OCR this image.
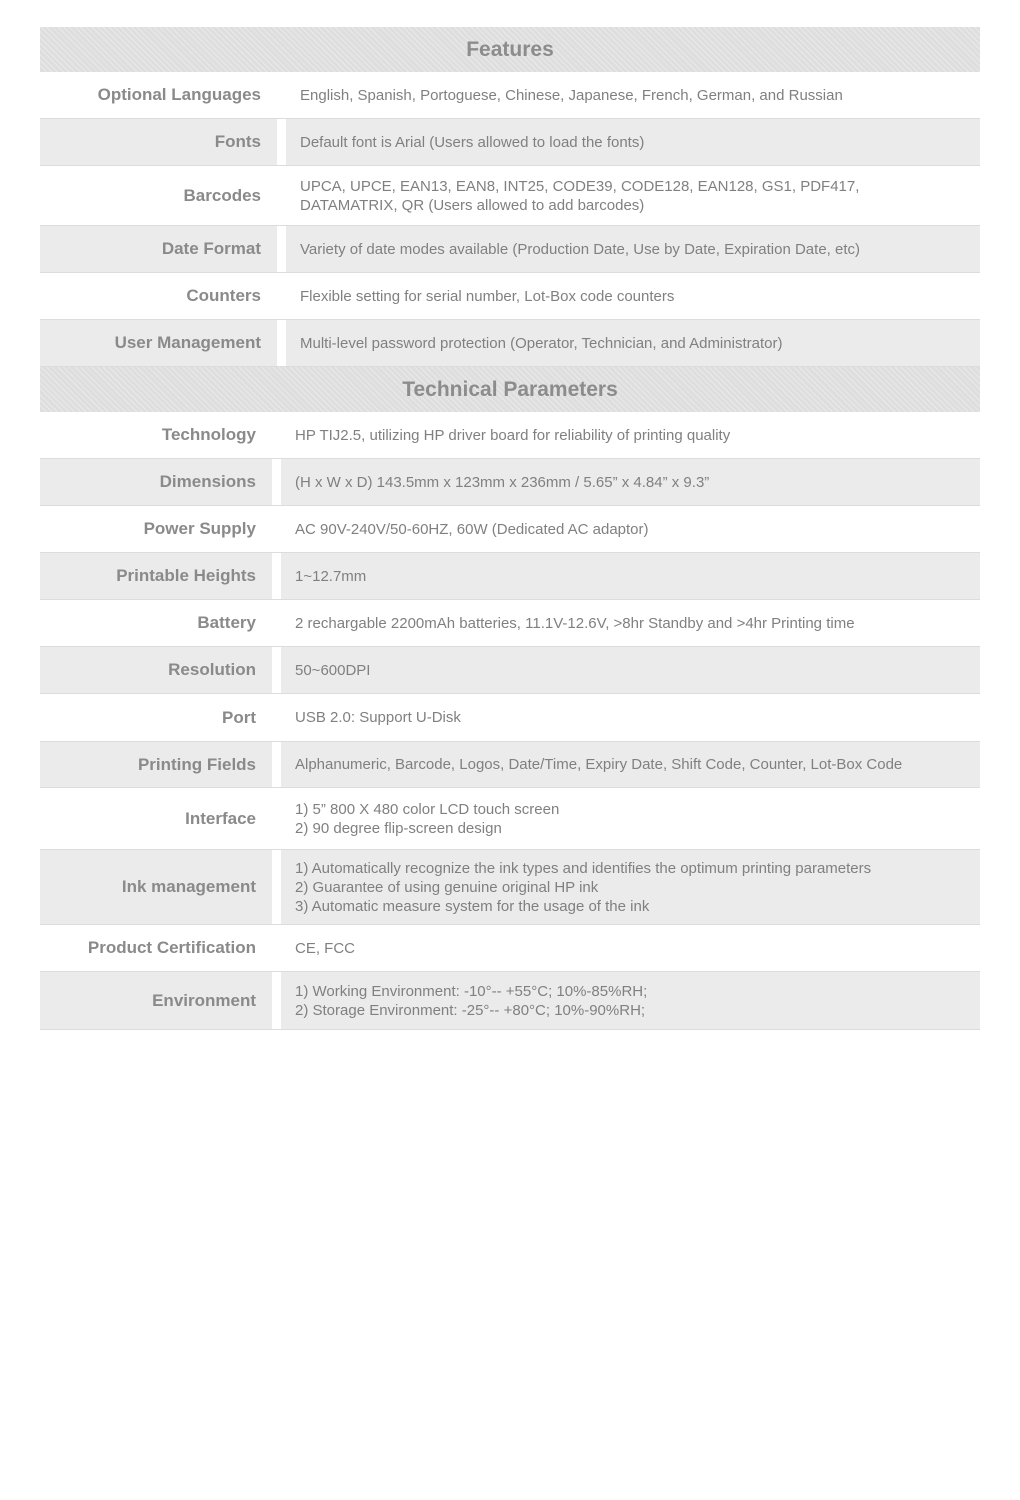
Features
Optional Languages	English, Spanish, Portoguese, Chinese, Japanese, French, German, and Russian
Fonts	Default font is Arial (Users allowed to load the fonts)
Barcodes	UPCA, UPCE, EAN13, EAN8, INT25, CODE39, CODE128, EAN128, GS1, PDF417,
DATAMATRIX, QR (Users allowed to add barcodes)
Date Format	Variety of date modes available (Production Date, Use by Date, Expiration Date, etc)
Counters	Flexible setting for serial number, Lot-Box code counters
User Management	Multi-level password protection (Operator, Technician, and Administrator)
Technical Parameters
Technology	HP TIJ2.5, utilizing HP driver board for reliability of printing quality
Dimensions	(H x W x D) 143.5mm x 123mm x 236mm / 5.65” x 4.84” x 9.3”
Power Supply	AC 90V-240V/50-60HZ, 60W (Dedicated AC adaptor)
Printable Heights	1~12.7mm
Battery	2 rechargable 2200mAh batteries, 11.1V-12.6V, >8hr Standby and >4hr Printing time
Resolution	50~600DPI
Port	USB 2.0: Support U-Disk
Printing Fields	Alphanumeric, Barcode, Logos, Date/Time, Expiry Date, Shift Code, Counter, Lot-Box Code
Interface	1) 5” 800 X 480 color LCD touch screen
2) 90 degree flip-screen design
Ink management
1) Automatically recognize the ink types and identifies the optimum printing parameters
2) Guarantee of using genuine original HP ink
3) Automatic measure system for the usage of the ink
Product Certification	CE, FCC
Environment	1) Working Environment: -10°-- +55°C; 10%-85%RH;
2) Storage Environment: -25°-- +80°C; 10%-90%RH;
